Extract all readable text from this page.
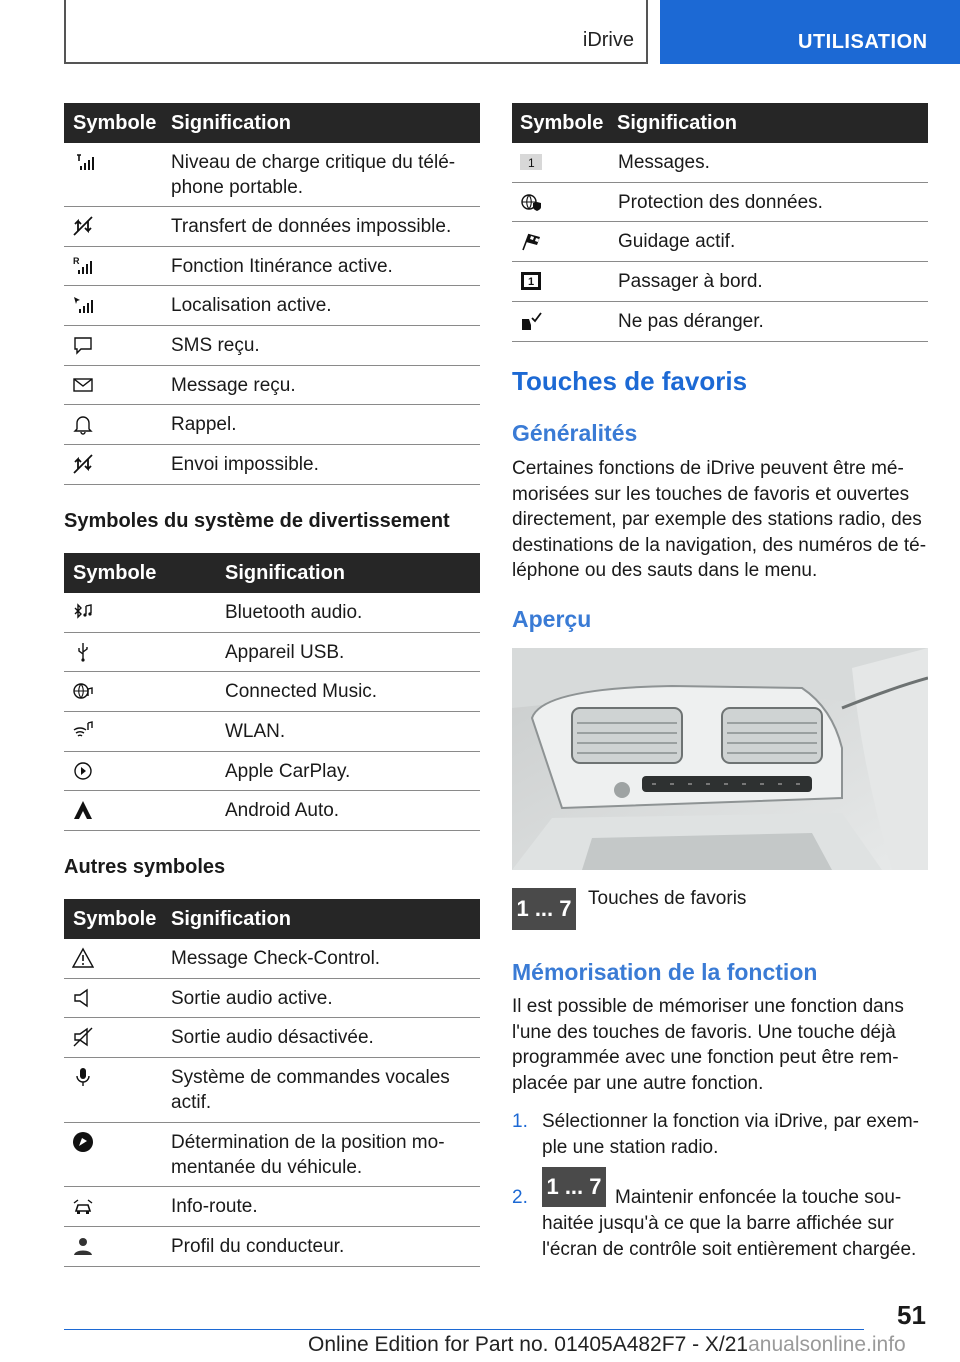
iDrive	UTILISATION
Symbole Signification
Niveau de charge critique du télé-phone portable.
Transfert de données impossible.
R	Fonction Itinérance active.
Localisation active.
SMS reçu.
Message reçu.
Rappel.
Envoi impossible.
Symboles du système de divertissement
Symbole	Signification
Bluetooth audio.
Appareil USB.
Connected Music.
WLAN.
Apple CarPlay.
Android Auto.
Autres symboles
Symbole Signification
Message Check-Control.
Sortie audio active.
Sortie audio désactivée.
Système de commandes vocales actif.
Détermination de la position mo-mentanée du véhicule.
Info-route.
Profil du conducteur.
Symbole Signification
1	Messages.
Protection des données.
Guidage actif.
1	Passager à bord.
Ne pas déranger.
Touches de favoris
Généralités
Certaines fonctions de iDrive peuvent être mé-morisées sur les touches de favoris et ouvertes directement, par exemple des stations radio, des destinations de la navigation, des numéros de té-léphone ou des sauts dans le menu.
Aperçu
1 ... 7 Touches de favoris
Mémorisation de la fonction
Il est possible de mémoriser une fonction dans l'une des touches de favoris. Une touche déjà programmée avec une fonction peut être rem-placée par une autre fonction.
1. Sélectionner la fonction via iDrive, par exem-ple une station radio.
2. 1 ... 7 Maintenir enfoncée la touche sou-
haitée jusqu'à ce que la barre affichée sur l'écran de contrôle soit entièrement chargée.
51
Online Edition for Part no. 01405A482F7 - X/21anualsonline.info
